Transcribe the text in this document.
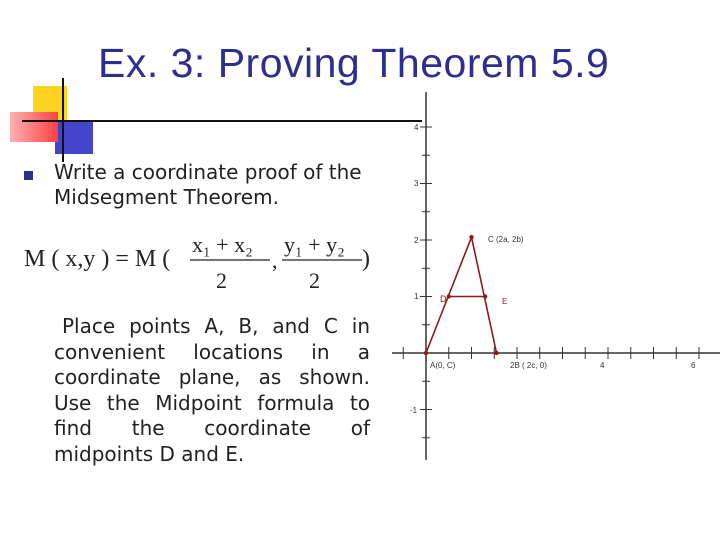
Ex. 3: Proving Theorem 5.9
Write a coordinate proof of the Midsegment Theorem.
M ( x,y ) = M (
x₁ + x₂
2
,
y₁ + y₂
2
)
Place points A, B, and C in convenient locations in a coordinate plane, as shown. Use the Midpoint formula to find the coordinate of midpoints D and E.
4
3
2
1
-1
4	6
A(0, C)	2B ( 2c, 0)
C (2a, 2b)
D	E
